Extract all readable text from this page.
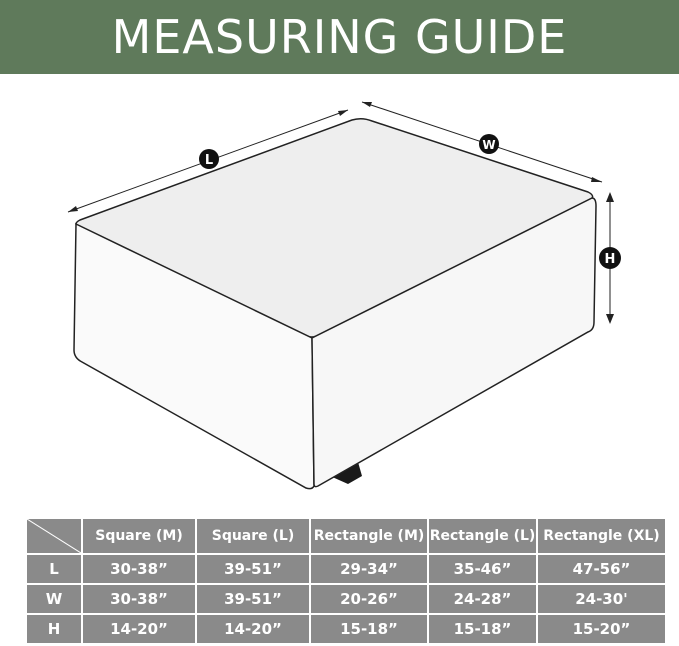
MEASURING GUIDE
L
W
H
	Square (M)	Square (L)	Rectangle (M)	Rectangle (L)	Rectangle (XL)
L	30-38”	39-51”	29-34”	35-46”	47-56”
W	30-38”	39-51”	20-26”	24-28”	24-30'
H	14-20”	14-20”	15-18”	15-18”	15-20”
